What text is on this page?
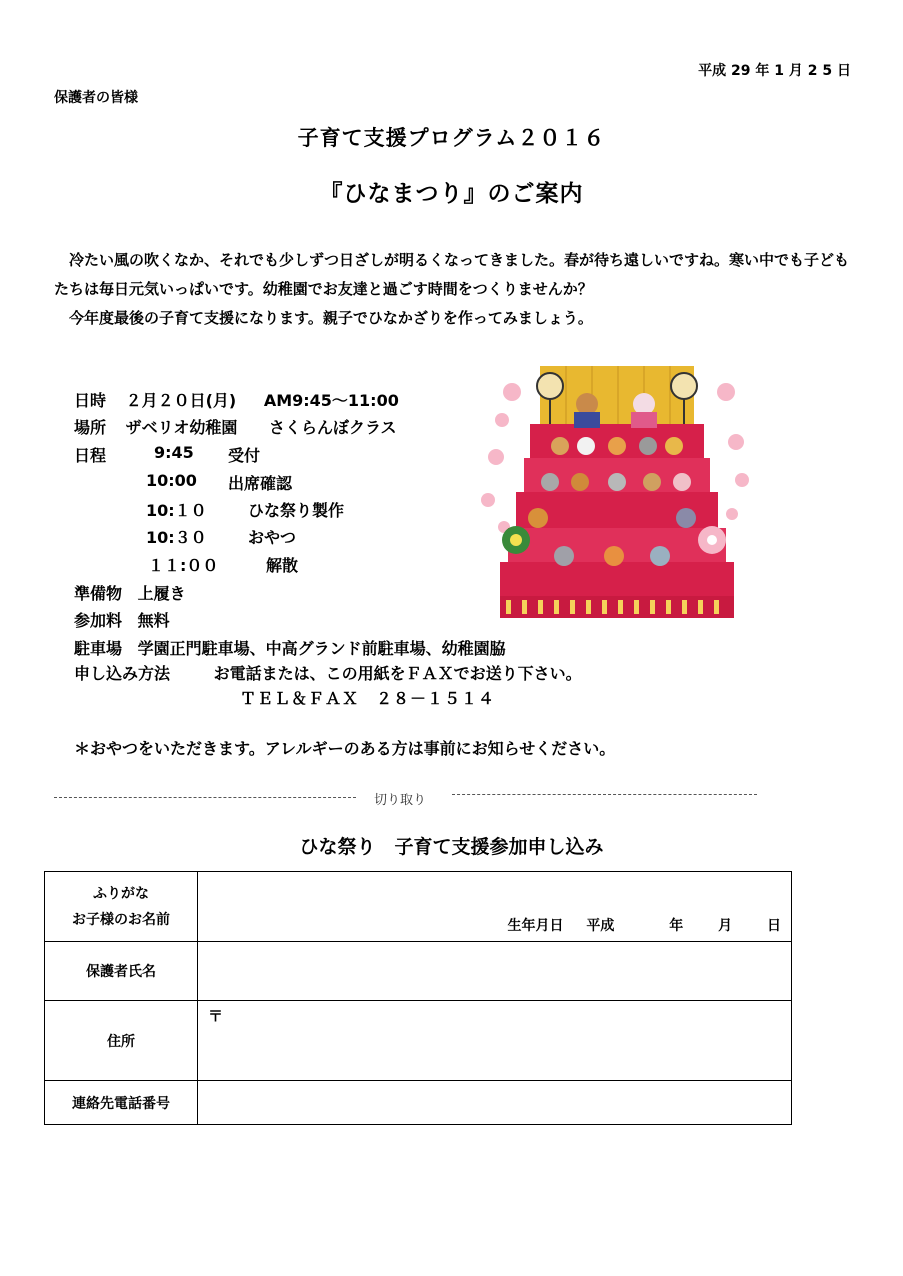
平成 29 年 1 月 2 5 日
保護者の皆様
子育て支援プログラム２０１６
『ひなまつり』のご案内

　冷たい風の吹くなか、それでも少しずつ日ざしが明るくなってきました。春が待ち遠しいですね。寒い中でも子どもたちは毎日元気いっぱいです。幼稚園でお友達と過ごす時間をつくりませんか？

　今年度最後の子育て支援になります。親子でひなかざりを作ってみましょう。

日時 ２月２０日(月) AM9:45～11:00
場所 ザベリオ幼稚園 さくらんぼクラス
日程	9:45 受付
10:00 出席確認
10:１０	ひな祭り製作
10:３０	おやつ
１１:００	解散
準備物 上履き
参加料 無料
駐車場 学園正門駐車場、中高グランド前駐車場、幼稚園脇
申し込み方法	お電話または、この用紙をＦＡＸでお送り下さい。
ＴＥＬ＆ＦＡＸ　２８－１５１４
＊おやつをいただきます。アレルギーのある方は事前にお知らせください。
切り取り
ひな祭り　子育て支援参加申し込み
ふりがな
お子様のお名前	生年月日 平成 年 月 日

保護者氏名	
住所	〒

連絡先電話番号	
